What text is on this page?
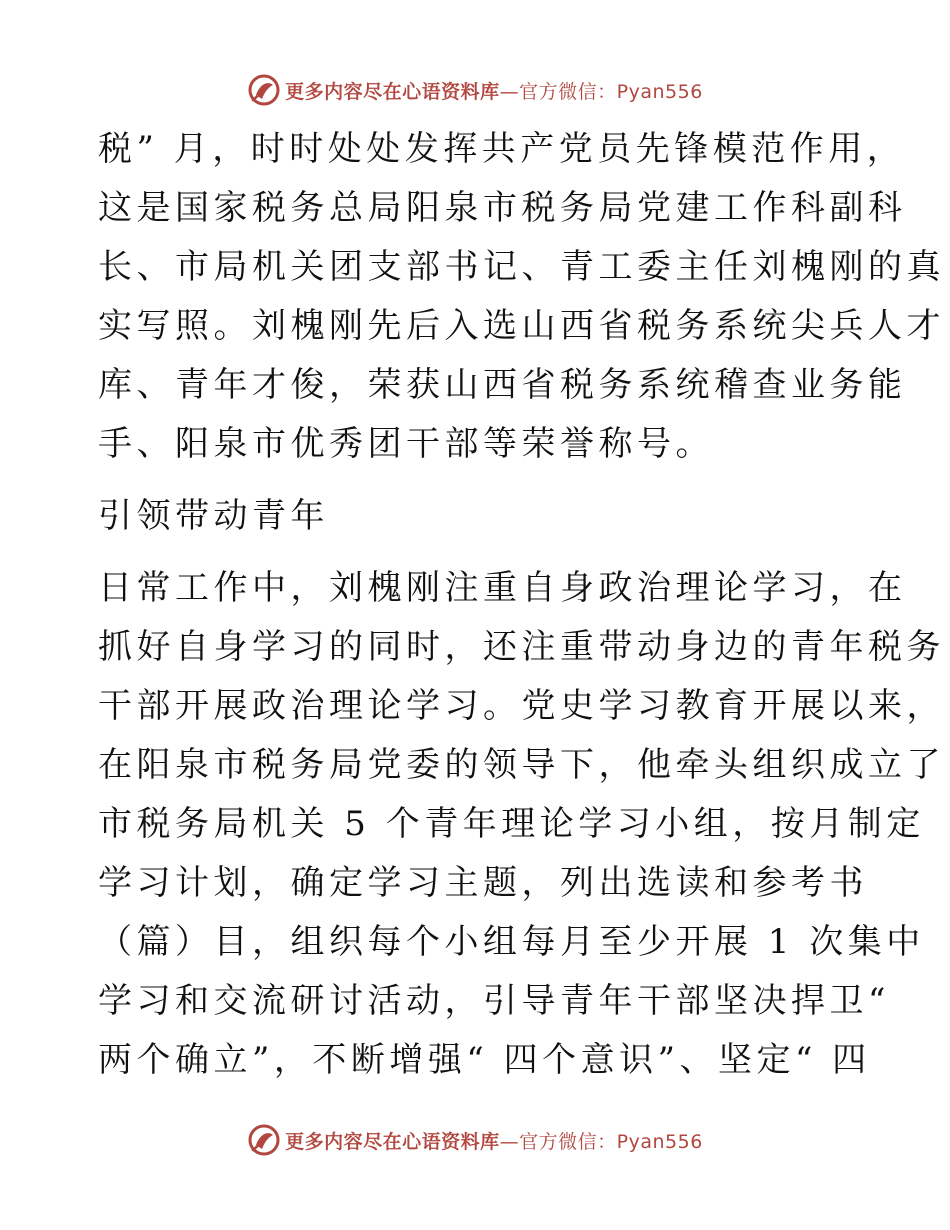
更多内容尽在心语资料库 —官方微信：Pyan556
税” 月，时时处处发挥共产党员先锋模范作用，
这是国家税务总局阳泉市税务局党建工作科副科
长、市局机关团支部书记、青工委主任刘槐刚的真
实写照。刘槐刚先后入选山西省税务系统尖兵人才
库、青年才俊，荣获山西省税务系统稽查业务能
手、阳泉市优秀团干部等荣誉称号。
引领带动青年
日常工作中，刘槐刚注重自身政治理论学习，在
抓好自身学习的同时，还注重带动身边的青年税务
干部开展政治理论学习。党史学习教育开展以来，
在阳泉市税务局党委的领导下，他牵头组织成立了
市税务局机关 5 个青年理论学习小组，按月制定
学习计划，确定学习主题，列出选读和参考书
（篇）目，组织每个小组每月至少开展 1 次集中
学习和交流研讨活动，引导青年干部坚决捍卫“
两个确立”，不断增强“ 四个意识”、坚定“ 四
更多内容尽在心语资料库 —官方微信：Pyan556
